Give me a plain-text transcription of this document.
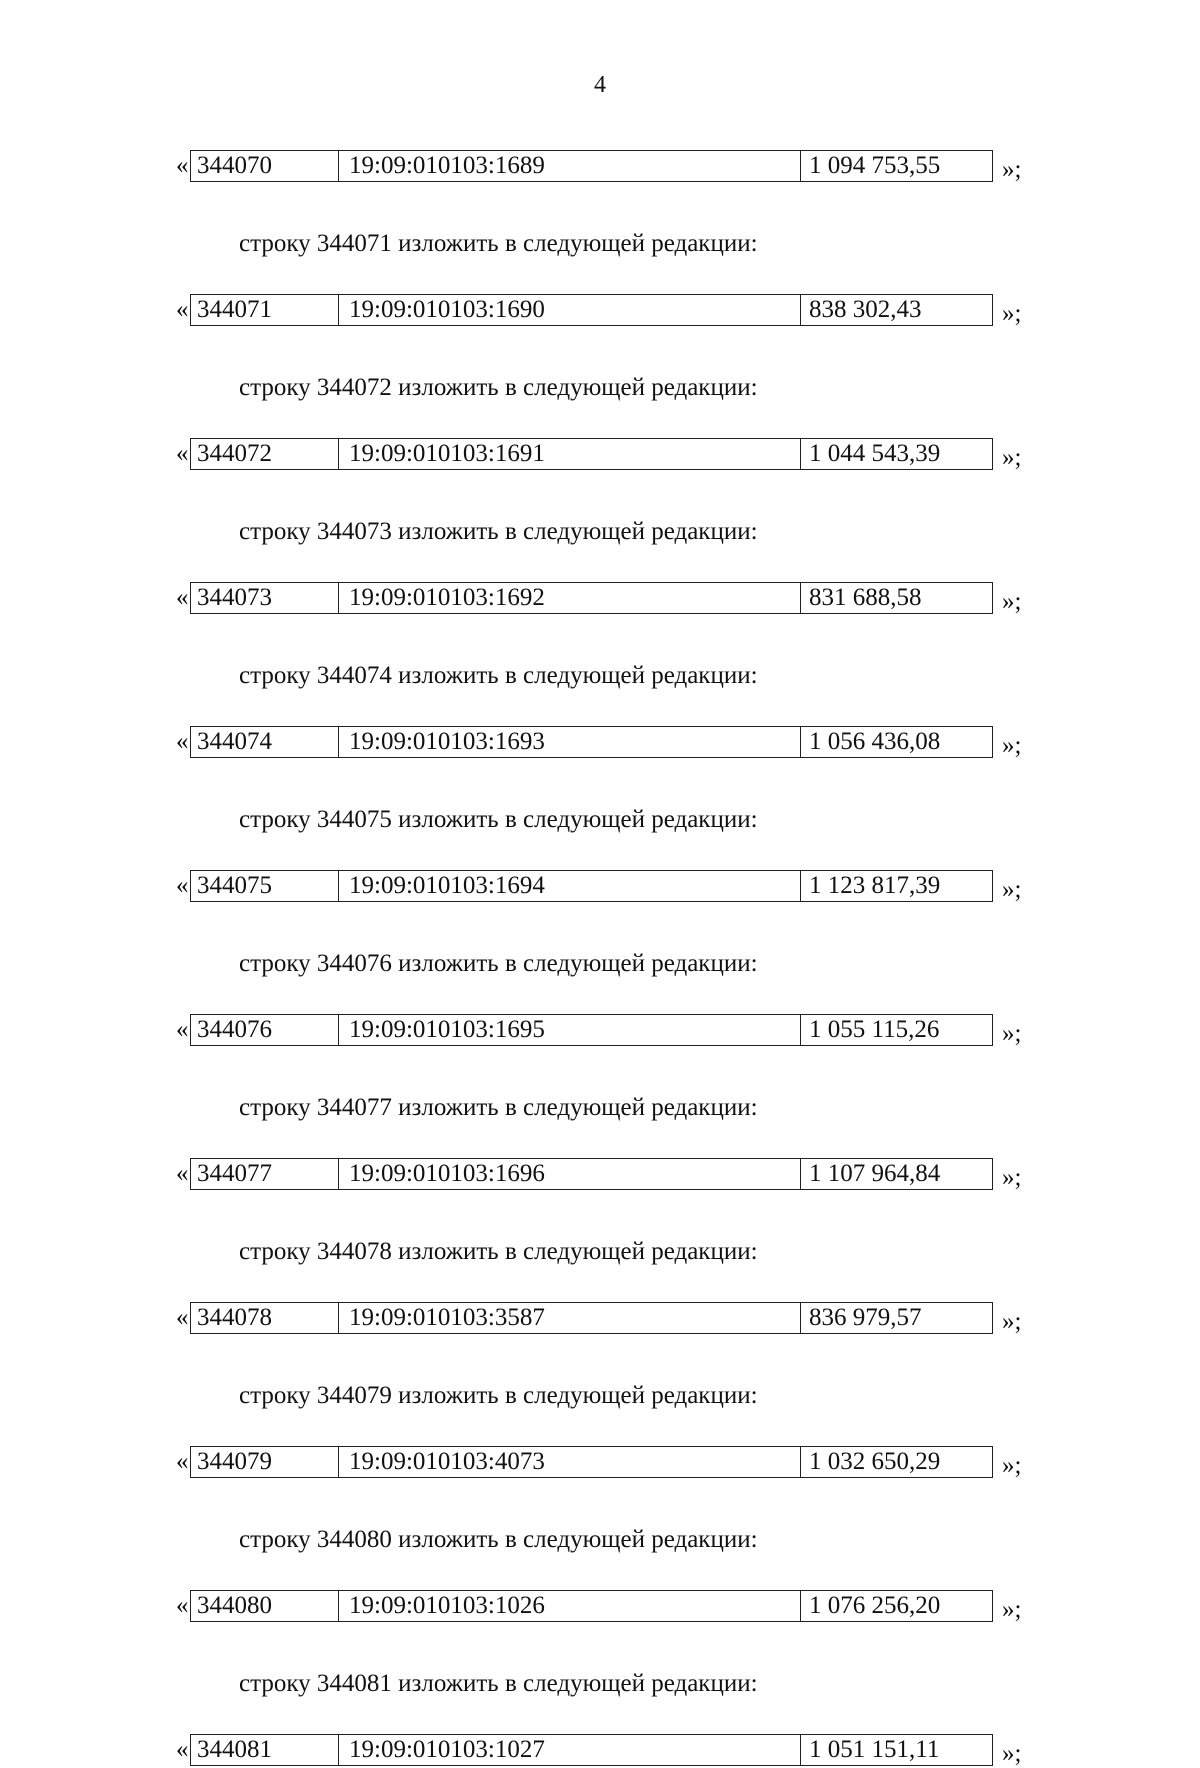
4
« 344070	19:09:010103:1689	1 094 753,55	»;
строку 344071 изложить в следующей редакции:
« 344071	19:09:010103:1690	838 302,43	»;
строку 344072 изложить в следующей редакции:
« 344072	19:09:010103:1691	1 044 543,39	»;
строку 344073 изложить в следующей редакции:
« 344073	19:09:010103:1692	831 688,58	»;
строку 344074 изложить в следующей редакции:
« 344074	19:09:010103:1693	1 056 436,08	»;
строку 344075 изложить в следующей редакции:
« 344075	19:09:010103:1694	1 123 817,39	»;
строку 344076 изложить в следующей редакции:
« 344076	19:09:010103:1695	1 055 115,26	»;
строку 344077 изложить в следующей редакции:
« 344077	19:09:010103:1696	1 107 964,84	»;
строку 344078 изложить в следующей редакции:
« 344078	19:09:010103:3587	836 979,57	»;
строку 344079 изложить в следующей редакции:
« 344079	19:09:010103:4073	1 032 650,29	»;
строку 344080 изложить в следующей редакции:
« 344080	19:09:010103:1026	1 076 256,20	»;
строку 344081 изложить в следующей редакции:
« 344081	19:09:010103:1027	1 051 151,11	»;
